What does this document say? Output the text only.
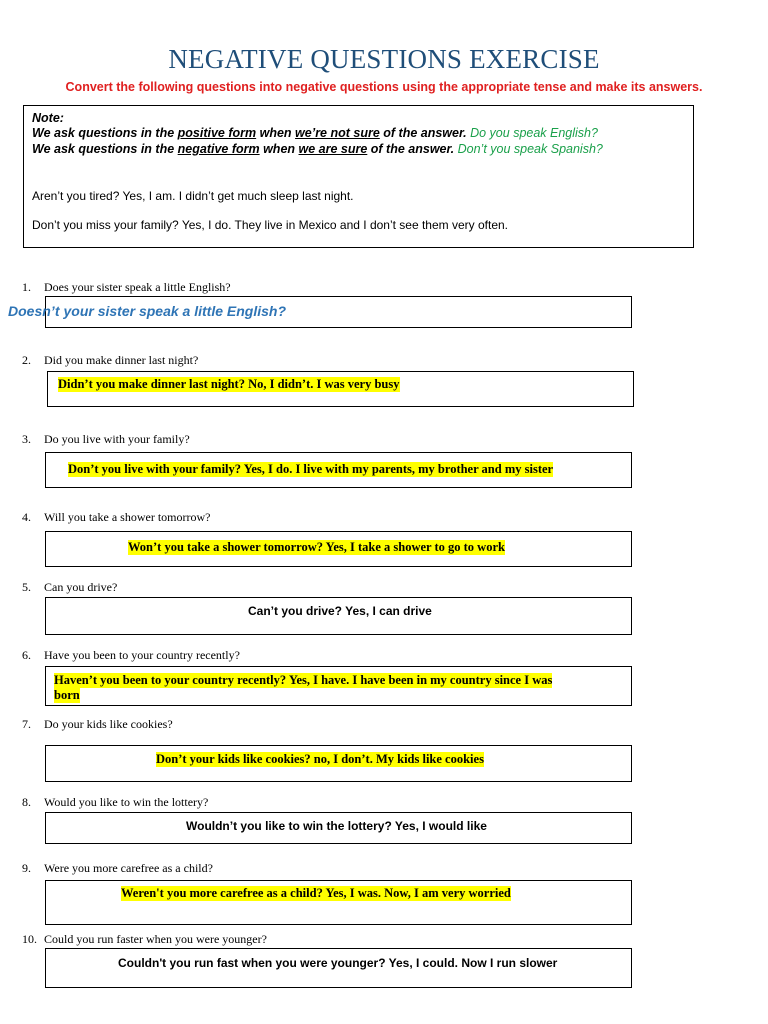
NEGATIVE QUESTIONS EXERCISE
Convert the following questions into negative questions using the appropriate tense and make its answers.
Note:
We ask questions in the positive form when we’re not sure of the answer. Do you speak English?
We ask questions in the negative form when we are sure of the answer. Don’t you speak Spanish?
Aren’t you tired? Yes, I am. I didn’t get much sleep last night.
Don’t you miss your family? Yes, I do. They live in Mexico and I don’t see them very often.
1. Does your sister speak a little English?
Doesn’t your sister speak a little English?
2. Did you make dinner last night?
Didn’t you make dinner last night? No, I didn’t. I was very busy
3. Do you live with your family?
Don’t you live with your family? Yes, I do. I live with my parents, my brother and my sister
4. Will you take a shower tomorrow?
Won’t you take a shower tomorrow? Yes, I take a shower to go to work
5. Can you drive?
Can’t you drive? Yes, I can drive
6. Have you been to your country recently?
Haven’t you been to your country recently? Yes, I have. I have been in my country since I was
born
7. Do your kids like cookies?
Don’t your kids like cookies? no, I don’t. My kids like cookies
8. Would you like to win the lottery?
Wouldn’t you like to win the lottery? Yes, I would like
9. Were you more carefree as a child?
Weren't you more carefree as a child? Yes, I was. Now, I am very worried
10. Could you run faster when you were younger?
Couldn't you run fast when you were younger? Yes, I could. Now I run slower
